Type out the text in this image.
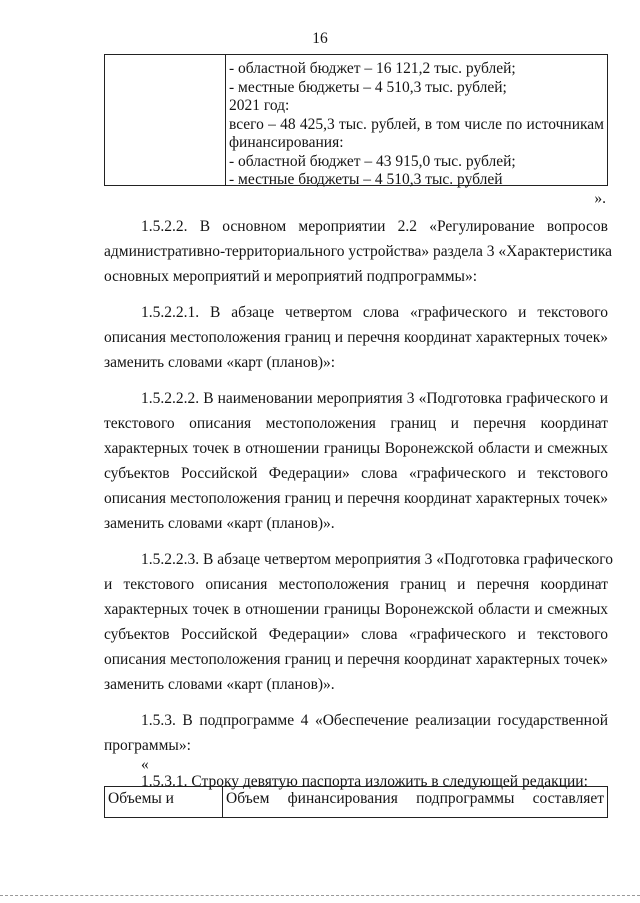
16
- областной бюджет – 16 121,2 тыс. рублей;
- местные бюджеты – 4 510,3 тыс. рублей;
2021 год:
всего – 48 425,3 тыс. рублей, в том числе по источникам
финансирования:
- областной бюджет – 43 915,0 тыс. рублей;
- местные бюджеты – 4 510,3 тыс. рублей
».
1.5.2.2. В основном мероприятии 2.2 «Регулирование вопросов
административно-территориального устройства» раздела 3 «Характеристика
основных мероприятий и мероприятий подпрограммы»:
1.5.2.2.1. В абзаце четвертом слова «графического и текстового
описания местоположения границ и перечня координат характерных точек»
заменить словами «карт (планов)»:
1.5.2.2.2. В наименовании мероприятия 3 «Подготовка графического и
текстового описания местоположения границ и перечня координат
характерных точек в отношении границы Воронежской области и смежных
субъектов Российской Федерации» слова «графического и текстового
описания местоположения границ и перечня координат характерных точек»
заменить словами «карт (планов)».
1.5.2.2.3. В абзаце четвертом мероприятия 3 «Подготовка графического
и текстового описания местоположения границ и перечня координат
характерных точек в отношении границы Воронежской области и смежных
субъектов Российской Федерации» слова «графического и текстового
описания местоположения границ и перечня координат характерных точек»
заменить словами «карт (планов)».
1.5.3. В подпрограмме 4 «Обеспечение реализации государственной
программы»:
1.5.3.1. Строку девятую паспорта изложить в следующей редакции:
«
Объемы и	Объем финансирования подпрограммы составляет
